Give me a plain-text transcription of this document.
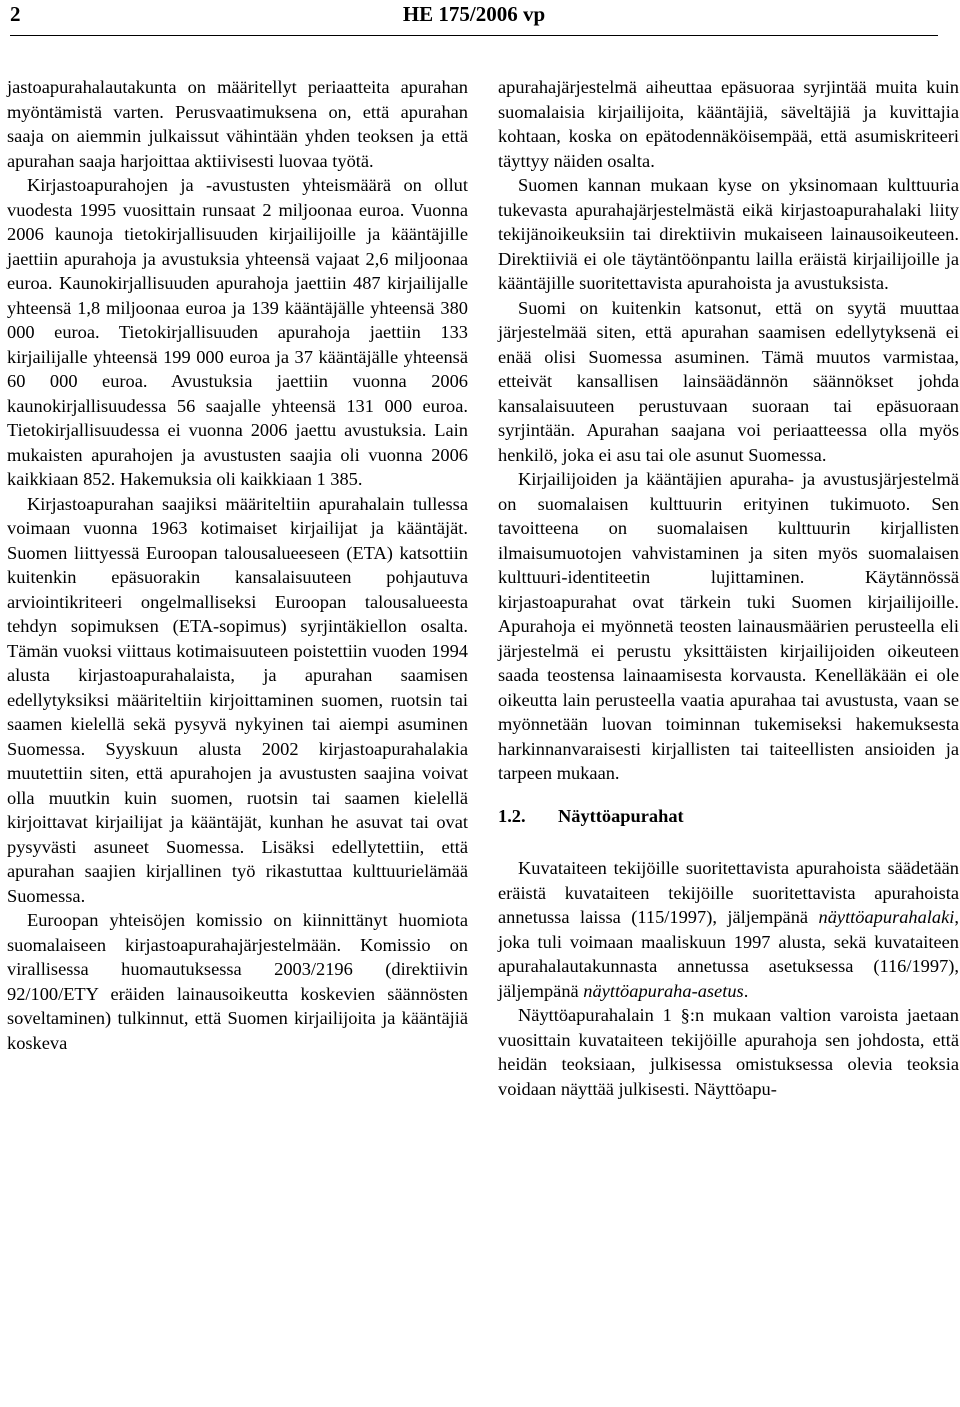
2	HE 175/2006 vp

jastoapurahalautakunta on määritellyt periaatteita apurahan myöntämistä varten. Perusvaatimuksena on, että apurahan saaja on aiemmin julkaissut vähintään yhden teoksen ja että apurahan saaja harjoittaa aktiivisesti luovaa työtä.

Kirjastoapurahojen ja -avustusten yhteismäärä on ollut vuodesta 1995 vuosittain runsaat 2 miljoonaa euroa. Vuonna 2006 kaunoja tietokirjallisuuden kirjailijoille ja kääntäjille jaettiin apurahoja ja avustuksia yhteensä vajaat 2,6 miljoonaa euroa. Kaunokirjallisuuden apurahoja jaettiin 487 kirjailijalle yhteensä 1,8 miljoonaa euroa ja 139 kääntäjälle yhteensä 380 000 euroa. Tietokirjallisuuden apurahoja jaettiin 133 kirjailijalle yhteensä 199 000 euroa ja 37 kääntäjälle yhteensä 60 000 euroa. Avustuksia jaettiin vuonna 2006 kaunokirjallisuudessa 56 saajalle yhteensä 131 000 euroa. Tietokirjallisuudessa ei vuonna 2006 jaettu avustuksia. Lain mukaisten apurahojen ja avustusten saajia oli vuonna 2006 kaikkiaan 852. Hakemuksia oli kaikkiaan 1 385.

Kirjastoapurahan saajiksi määriteltiin apurahalain tullessa voimaan vuonna 1963 kotimaiset kirjailijat ja kääntäjät. Suomen liittyessä Euroopan talousalueeseen (ETA) katsottiin kuitenkin epäsuorakin kansalaisuuteen pohjautuva arviointikriteeri ongelmalliseksi Euroopan talousalueesta tehdyn sopimuksen (ETA-sopimus) syrjintäkiellon osalta. Tämän vuoksi viittaus kotimaisuuteen poistettiin vuoden 1994 alusta kirjastoapurahalaista, ja apurahan saamisen edellytyksiksi määriteltiin kirjoittaminen suomen, ruotsin tai saamen kielellä sekä pysyvä nykyinen tai aiempi asuminen Suomessa. Syyskuun alusta 2002 kirjastoapurahalakia muutettiin siten, että apurahojen ja avustusten saajina voivat olla muutkin kuin suomen, ruotsin tai saamen kielellä kirjoittavat kirjailijat ja kääntäjät, kunhan he asuvat tai ovat pysyvästi asuneet Suomessa. Lisäksi edellytettiin, että apurahan saajien kirjallinen työ rikastuttaa kulttuurielämää Suomessa.

Euroopan yhteisöjen komissio on kiinnittänyt huomiota suomalaiseen kirjastoapurahajärjestelmään. Komissio on virallisessa huomautuksessa 2003/2196 (direktiivin 92/100/ETY eräiden lainausoikeutta koskevien säännösten soveltaminen) tulkinnut, että Suomen kirjailijoita ja kääntäjiä koskeva

apurahajärjestelmä aiheuttaa epäsuoraa syrjintää muita kuin suomalaisia kirjailijoita, kääntäjiä, säveltäjiä ja kuvittajia kohtaan, koska on epätodennäköisempää, että asumiskriteeri täyttyy näiden osalta.

Suomen kannan mukaan kyse on yksinomaan kulttuuria tukevasta apurahajärjestelmästä eikä kirjastoapurahalaki liity tekijänoikeuksiin tai direktiivin mukaiseen lainausoikeuteen. Direktiiviä ei ole täytäntöönpantu lailla eräistä kirjailijoille ja kääntäjille suoritettavista apurahoista ja avustuksista.

Suomi on kuitenkin katsonut, että on syytä muuttaa järjestelmää siten, että apurahan saamisen edellytyksenä ei enää olisi Suomessa asuminen. Tämä muutos varmistaa, etteivät kansallisen lainsäädännön säännökset johda kansalaisuuteen perustuvaan suoraan tai epäsuoraan syrjintään. Apurahan saajana voi periaatteessa olla myös henkilö, joka ei asu tai ole asunut Suomessa.

Kirjailijoiden ja kääntäjien apuraha- ja avustusjärjestelmä on suomalaisen kulttuurin erityinen tukimuoto. Sen tavoitteena on suomalaisen kulttuurin kirjallisten ilmaisumuotojen vahvistaminen ja siten myös suomalaisen kulttuuri-identiteetin lujittaminen. Käytännössä kirjastoapurahat ovat tärkein tuki Suomen kirjailijoille. Apurahoja ei myönnetä teosten lainausmäärien perusteella eli järjestelmä ei perustu yksittäisten kirjailijoiden oikeuteen saada teostensa lainaamisesta korvausta. Kenelläkään ei ole oikeutta lain perusteella vaatia apurahaa tai avustusta, vaan se myönnetään luovan toiminnan tukemiseksi hakemuksesta harkinnanvaraisesti kirjallisten tai taiteellisten ansioiden ja tarpeen mukaan.

1.2.	Näyttöapurahat

Kuvataiteen tekijöille suoritettavista apurahoista säädetään eräistä kuvataiteen tekijöille suoritettavista apurahoista annetussa laissa (115/1997), jäljempänä näyttöapurahalaki, joka tuli voimaan maaliskuun 1997 alusta, sekä kuvataiteen apurahalautakunnasta annetussa asetuksessa (116/1997), jäljempänä näyttöapuraha-asetus.

Näyttöapurahalain 1 §:n mukaan valtion varoista jaetaan vuosittain kuvataiteen tekijöille apurahoja sen johdosta, että heidän teoksiaan, julkisessa omistuksessa olevia teoksia voidaan näyttää julkisesti. Näyttöapu-
